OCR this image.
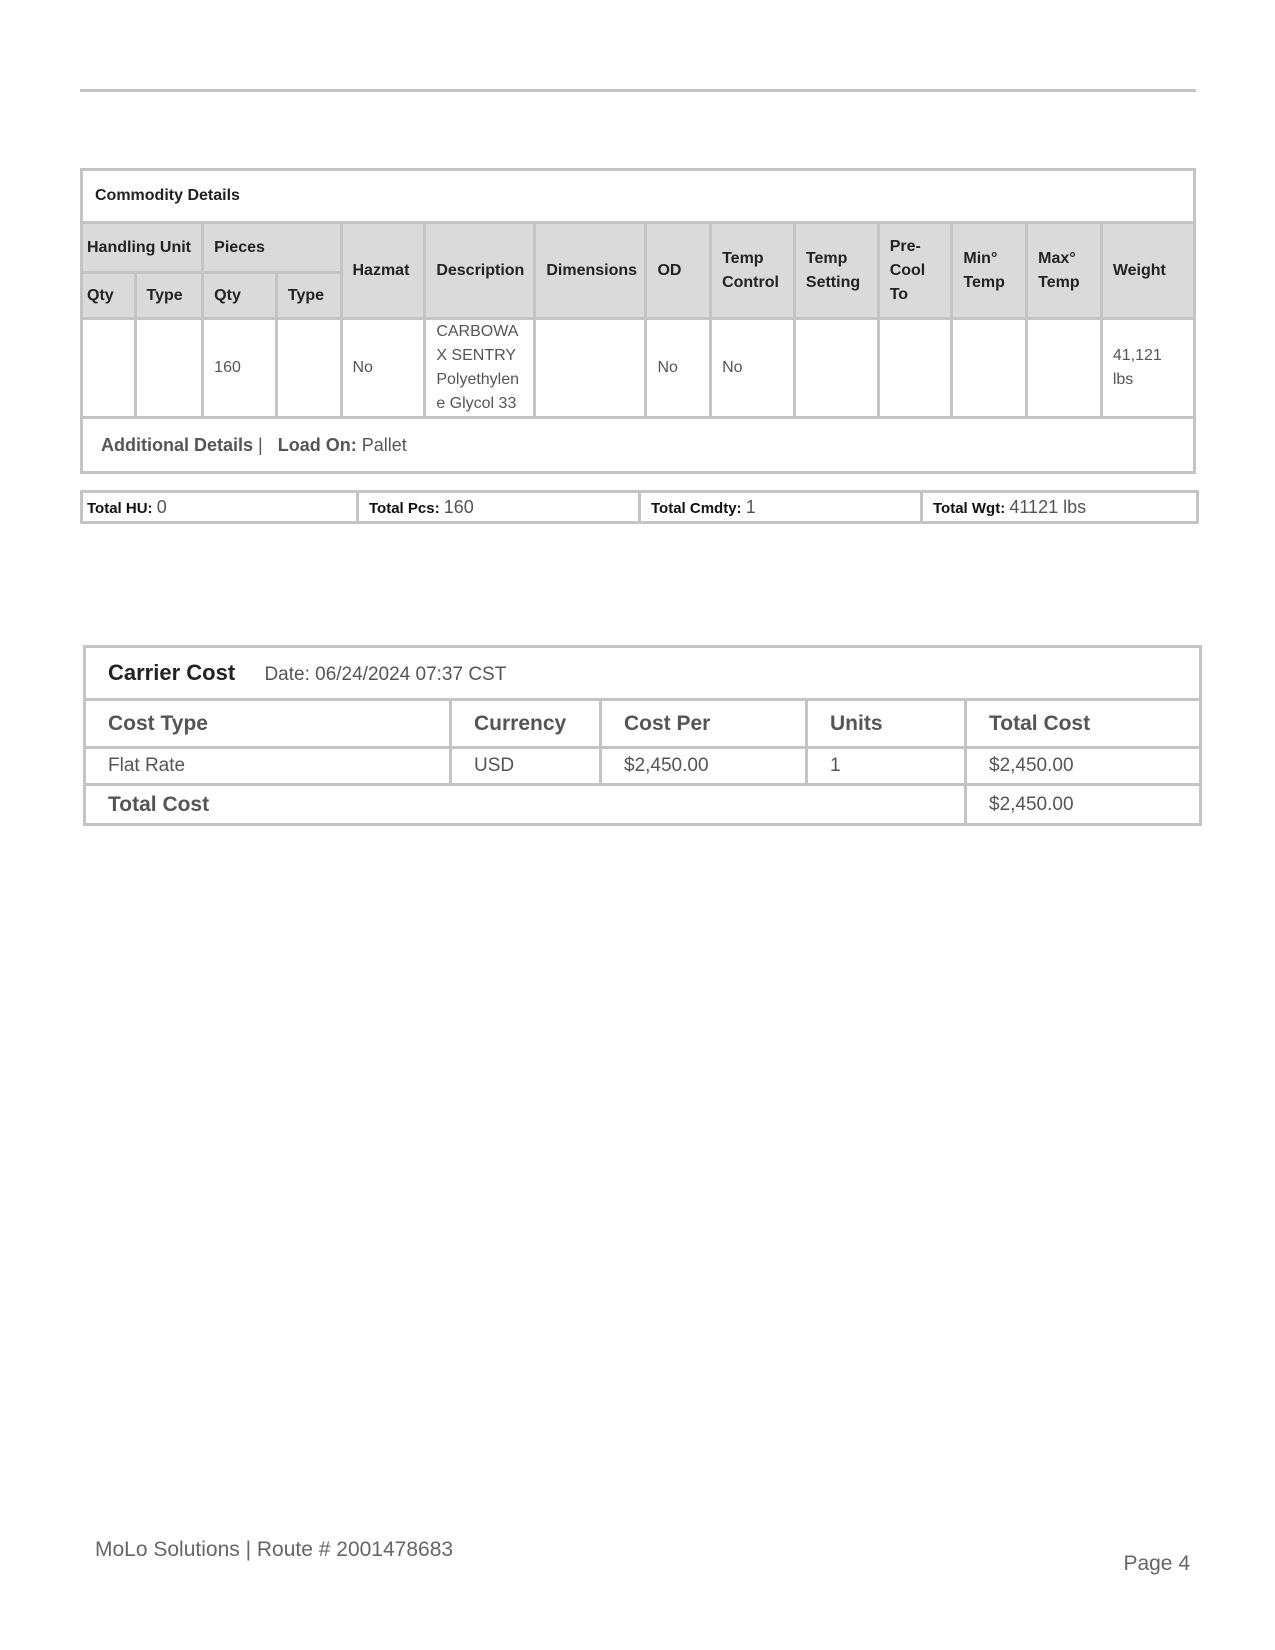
Commodity Details													
Handling Unit		Pieces		Hazmat	Description	Dimensions	OD	Temp Control	Temp Setting	Pre-Cool To	Min° Temp	Max° Temp	Weight
Qty	Type	Qty	Type										
		160		No	CARBOWAX SENTRY Polyethylene Glycol 33		No	No					41,121 lbs
Additional Details | Load On: Pallet													
Total HU: 0	Total Pcs: 160	Total Cmdty: 1	Total Wgt: 41121 lbs
Carrier Cost Date: 06/24/2024 07:37 CST				
Cost Type	Currency	Cost Per	Units	Total Cost
Flat Rate	USD	$2,450.00	1	$2,450.00
Total Cost				$2,450.00
MoLo Solutions | Route # 2001478683
Page 4
